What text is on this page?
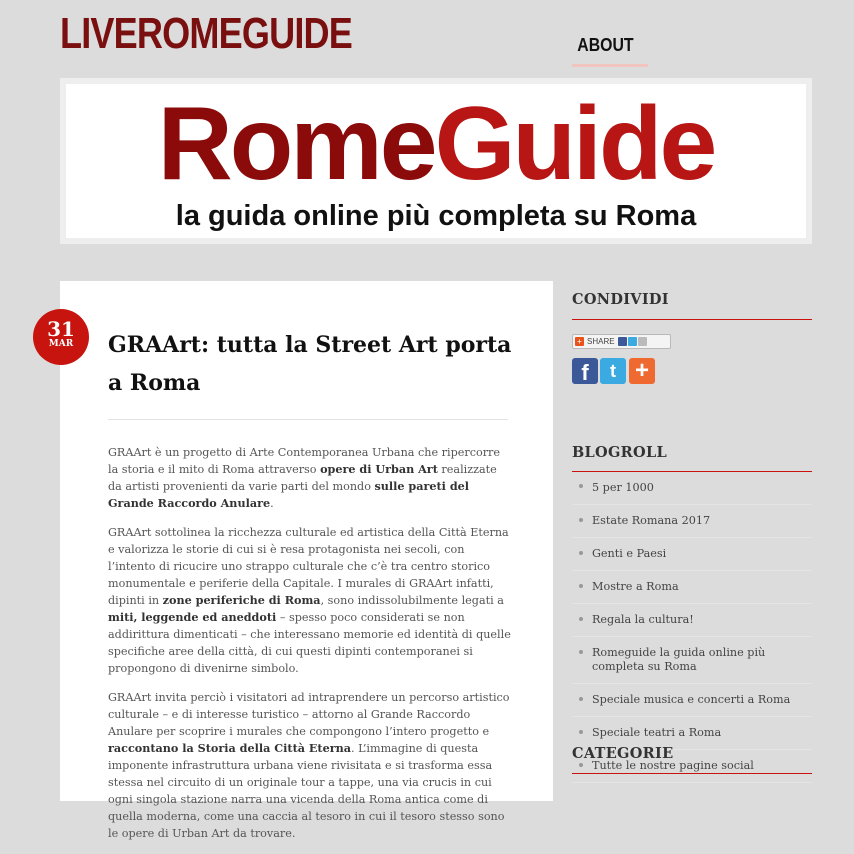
LIVEROMEGUIDE	ABOUT
RomeGuide
la guida online più completa su Roma
31
MAR	GRAArt: tutta la Street Art porta a Roma

GRAArt è un progetto di Arte Contemporanea Urbana che ripercorre la storia e il mito di Roma attraverso opere di Urban Art realizzate da artisti provenienti da varie parti del mondo sulle pareti del Grande Raccordo Anulare.

GRAArt sottolinea la ricchezza culturale ed artistica della Città Eterna e valorizza le storie di cui si è resa protagonista nei secoli, con l’intento di ricucire uno strappo culturale che c’è tra centro storico monumentale e periferie della Capitale. I murales di GRAArt infatti, dipinti in zone periferiche di Roma, sono indissolubilmente legati a miti, leggende ed aneddoti – spesso poco considerati se non addirittura dimenticati – che interessano memorie ed identità di quelle specifiche aree della città, di cui questi dipinti contemporanei si propongono di divenirne simbolo.

GRAArt invita perciò i visitatori ad intraprendere un percorso artistico culturale – e di interesse turistico – attorno al Grande Raccordo Anulare per scoprire i murales che compongono l’intero progetto e raccontano la Storia della Città Eterna. L’immagine di questa imponente infrastruttura urbana viene rivisitata e si trasforma essa stessa nel circuito di un originale tour a tappe, una via crucis in cui ogni singola stazione narra una vicenda della Roma antica come di quella moderna, come una caccia al tesoro in cui il tesoro stesso sono le opere di Urban Art da trovare.

CONDIVIDI
+ SHARE
f	t +
BLOGROLL
5 per 1000
Estate Romana 2017
Genti e Paesi
Mostre a Roma
Regala la cultura!
Romeguide la guida online più completa su Roma
Speciale musica e concerti a Roma
Speciale teatri a Roma
Tutte le nostre pagine social
CATEGORIE
